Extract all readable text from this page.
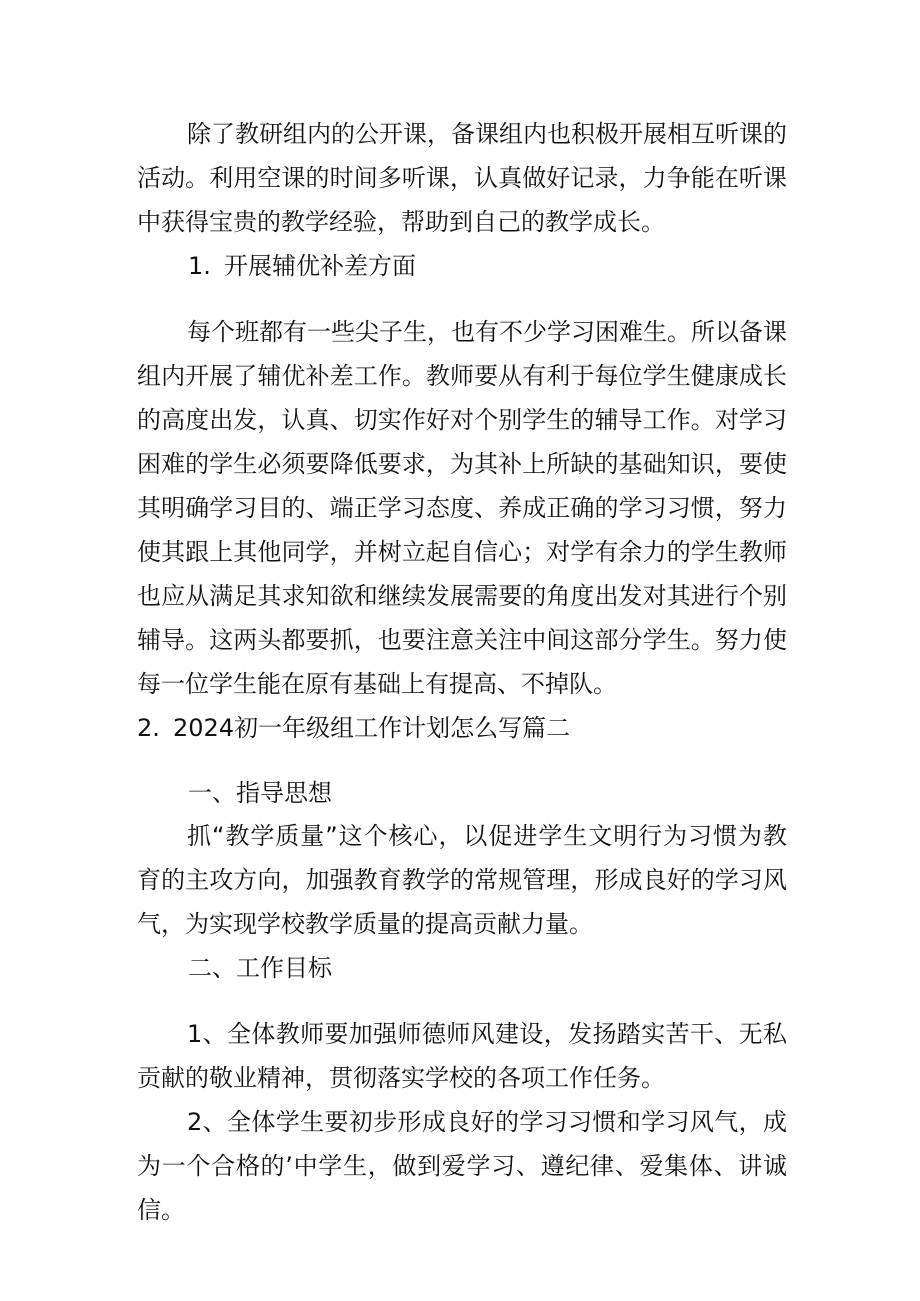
除了教研组内的公开课，备课组内也积极开展相互听课的活动。利用空课的时间多听课，认真做好记录，力争能在听课中获得宝贵的教学经验，帮助到自己的教学成长。

1. 开展辅优补差方面

每个班都有一些尖子生，也有不少学习困难生。所以备课组内开展了辅优补差工作。教师要从有利于每位学生健康成长的高度出发，认真、切实作好对个别学生的辅导工作。对学习困难的学生必须要降低要求，为其补上所缺的基础知识，要使其明确学习目的、端正学习态度、养成正确的学习习惯，努力使其跟上其他同学，并树立起自信心；对学有余力的学生教师也应从满足其求知欲和继续发展需要的角度出发对其进行个别辅导。这两头都要抓，也要注意关注中间这部分学生。努力使每一位学生能在原有基础上有提高、不掉队。

2. 2024初一年级组工作计划怎么写篇二
一、指导思想

抓“教学质量”这个核心，以促进学生文明行为习惯为教育的主攻方向，加强教育教学的常规管理，形成良好的学习风气，为实现学校教学质量的提高贡献力量。

二、工作目标

1、全体教师要加强师德师风建设，发扬踏实苦干、无私贡献的敬业精神，贯彻落实学校的各项工作任务。

2、全体学生要初步形成良好的学习习惯和学习风气，成为一个合格的’中学生，做到爱学习、遵纪律、爱集体、讲诚信。
